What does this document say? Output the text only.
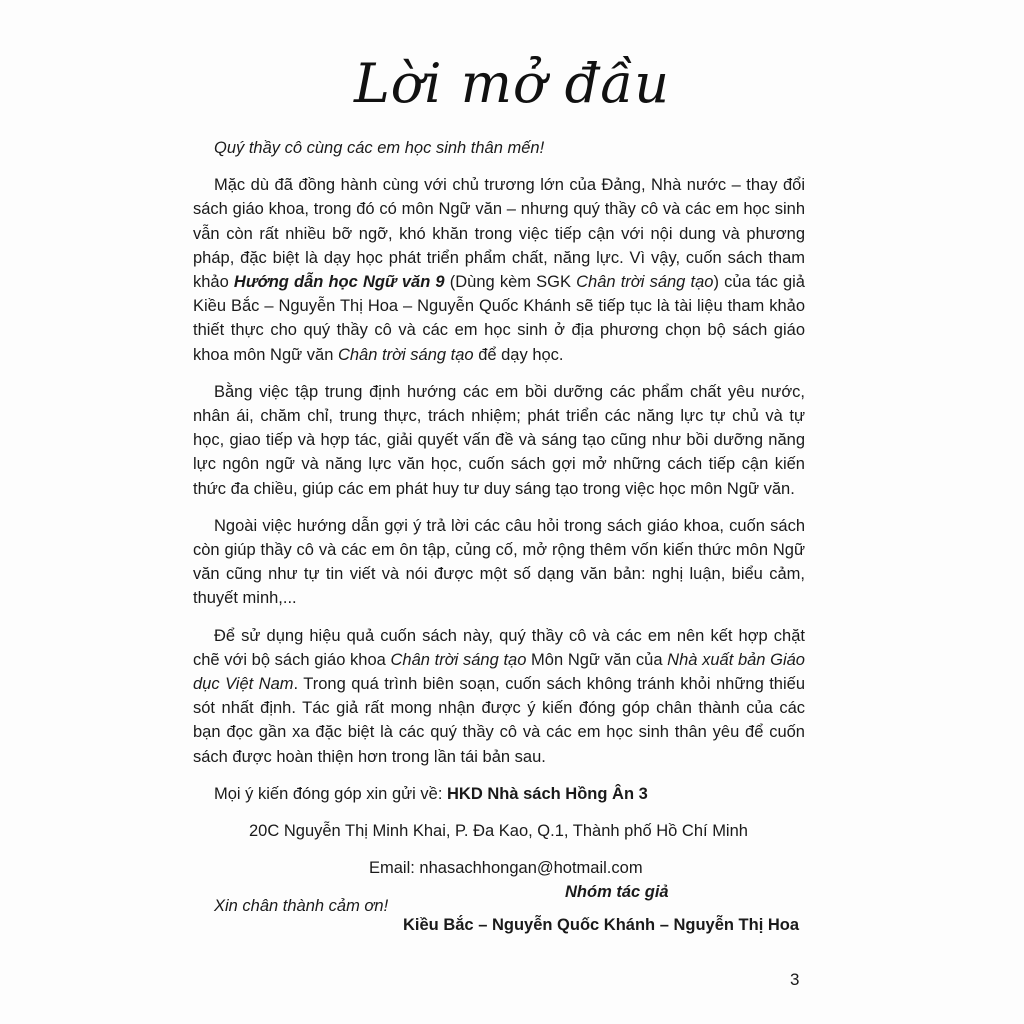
Lời mở đầu

Quý thầy cô cùng các em học sinh thân mến!

Mặc dù đã đồng hành cùng với chủ trương lớn của Đảng, Nhà nước – thay đổi sách giáo khoa, trong đó có môn Ngữ văn – nhưng quý thầy cô và các em học sinh vẫn còn rất nhiều bỡ ngỡ, khó khăn trong việc tiếp cận với nội dung và phương pháp, đặc biệt là dạy học phát triển phẩm chất, năng lực. Vì vậy, cuốn sách tham khảo Hướng dẫn học Ngữ văn 9 (Dùng kèm SGK Chân trời sáng tạo) của tác giả Kiều Bắc – Nguyễn Thị Hoa – Nguyễn Quốc Khánh sẽ tiếp tục là tài liệu tham khảo thiết thực cho quý thầy cô và các em học sinh ở địa phương chọn bộ sách giáo khoa môn Ngữ văn Chân trời sáng tạo để dạy học.

Bằng việc tập trung định hướng các em bồi dưỡng các phẩm chất yêu nước, nhân ái, chăm chỉ, trung thực, trách nhiệm; phát triển các năng lực tự chủ và tự học, giao tiếp và hợp tác, giải quyết vấn đề và sáng tạo cũng như bồi dưỡng năng lực ngôn ngữ và năng lực văn học, cuốn sách gợi mở những cách tiếp cận kiến thức đa chiều, giúp các em phát huy tư duy sáng tạo trong việc học môn Ngữ văn.

Ngoài việc hướng dẫn gợi ý trả lời các câu hỏi trong sách giáo khoa, cuốn sách còn giúp thầy cô và các em ôn tập, củng cố, mở rộng thêm vốn kiến thức môn Ngữ văn cũng như tự tin viết và nói được một số dạng văn bản: nghị luận, biểu cảm, thuyết minh,...

Để sử dụng hiệu quả cuốn sách này, quý thầy cô và các em nên kết hợp chặt chẽ với bộ sách giáo khoa Chân trời sáng tạo Môn Ngữ văn của Nhà xuất bản Giáo dục Việt Nam. Trong quá trình biên soạn, cuốn sách không tránh khỏi những thiếu sót nhất định. Tác giả rất mong nhận được ý kiến đóng góp chân thành của các bạn đọc gần xa đặc biệt là các quý thầy cô và các em học sinh thân yêu để cuốn sách được hoàn thiện hơn trong lần tái bản sau.

Mọi ý kiến đóng góp xin gửi về: HKD Nhà sách Hồng Ân 3
20C Nguyễn Thị Minh Khai, P. Đa Kao, Q.1, Thành phố Hồ Chí Minh
Email: nhasachhongan@hotmail.com
Xin chân thành cảm ơn!
Nhóm tác giả
Kiều Bắc – Nguyễn Quốc Khánh – Nguyễn Thị Hoa
3
